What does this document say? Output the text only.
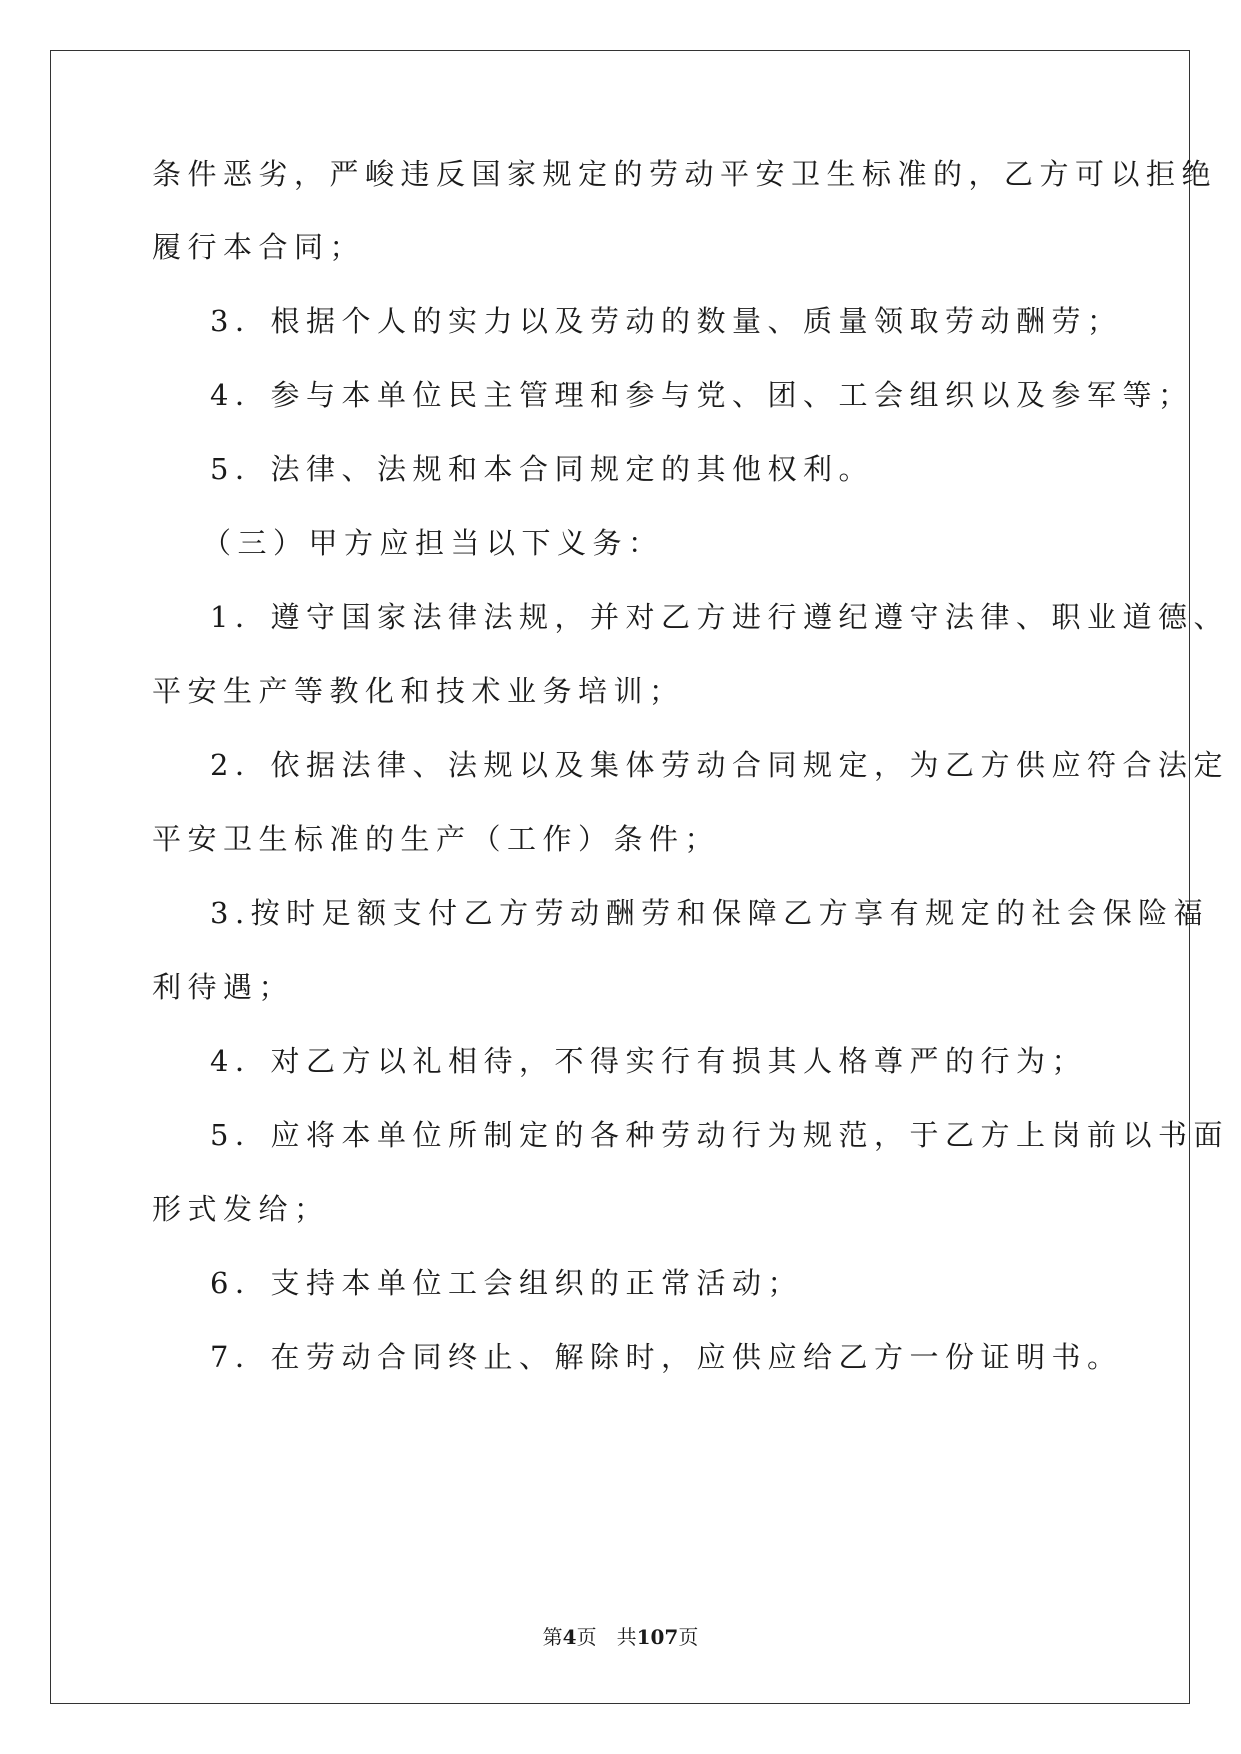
条件恶劣，严峻违反国家规定的劳动平安卫生标准的，乙方可以拒绝
履行本合同；
3．根据个人的实力以及劳动的数量、质量领取劳动酬劳；
4．参与本单位民主管理和参与党、团、工会组织以及参军等；
5．法律、法规和本合同规定的其他权利。
（三）甲方应担当以下义务：
1．遵守国家法律法规，并对乙方进行遵纪遵守法律、职业道德、
平安生产等教化和技术业务培训；
2．依据法律、法规以及集体劳动合同规定，为乙方供应符合法定
平安卫生标准的生产（工作）条件；
3.按时足额支付乙方劳动酬劳和保障乙方享有规定的社会保险福
利待遇；
4．对乙方以礼相待，不得实行有损其人格尊严的行为；
5．应将本单位所制定的各种劳动行为规范，于乙方上岗前以书面
形式发给；
6．支持本单位工会组织的正常活动；
7．在劳动合同终止、解除时，应供应给乙方一份证明书。
第4页　共107页
